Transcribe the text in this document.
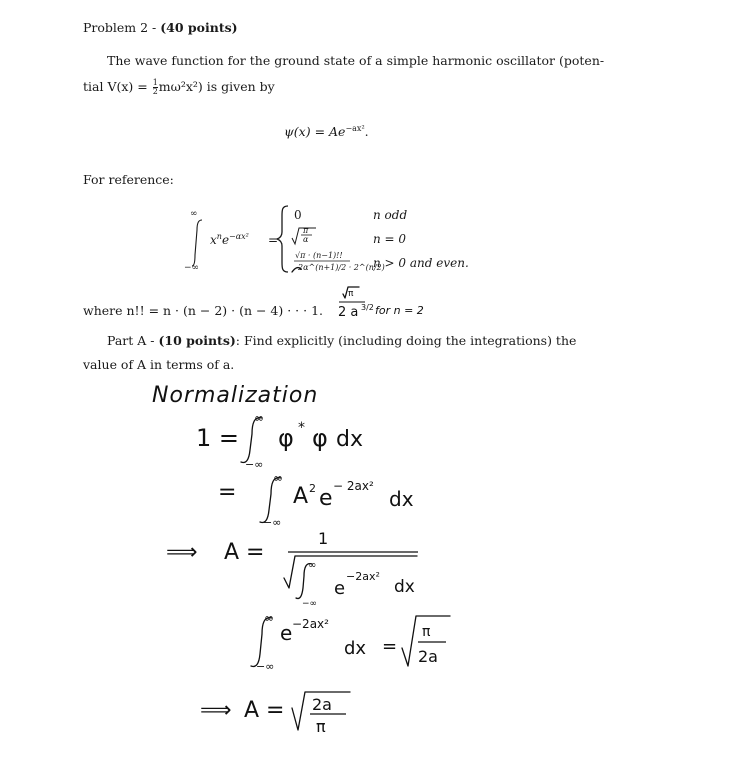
Problem 2 - (40 points)
The wave function for the ground state of a simple harmonic oscillator (poten-
tial $V(x) = \frac{1}{2} m\omega^2x^2$) is given by
$\psi(x) = Ae^{-ax^2}$.
For reference:
∞
−∞
$x^ne^{-\alpha x^2}$ =
0	n odd
π
α	n = 0
√π · (n−1)!!
2α^(n+1)/2 · 2^(n/2)
n > 0 and even.
where n!! = n · (n − 2) · (n − 4) · · · 1.
π
2 a 3/2 for n = 2
Part A - (10 points): Find explicitly (including doing the integrations) the
value of A in terms of a.
Normalization
1 =
∞
−∞
φ * φ dx
=
∞
−∞
A 2 e − 2ax²
dx
⟹ A =
1
∞
−∞
e
−2ax²
dx
∞
−∞
e −2ax²
dx =
π
2a
⟹ A = 2a
π
